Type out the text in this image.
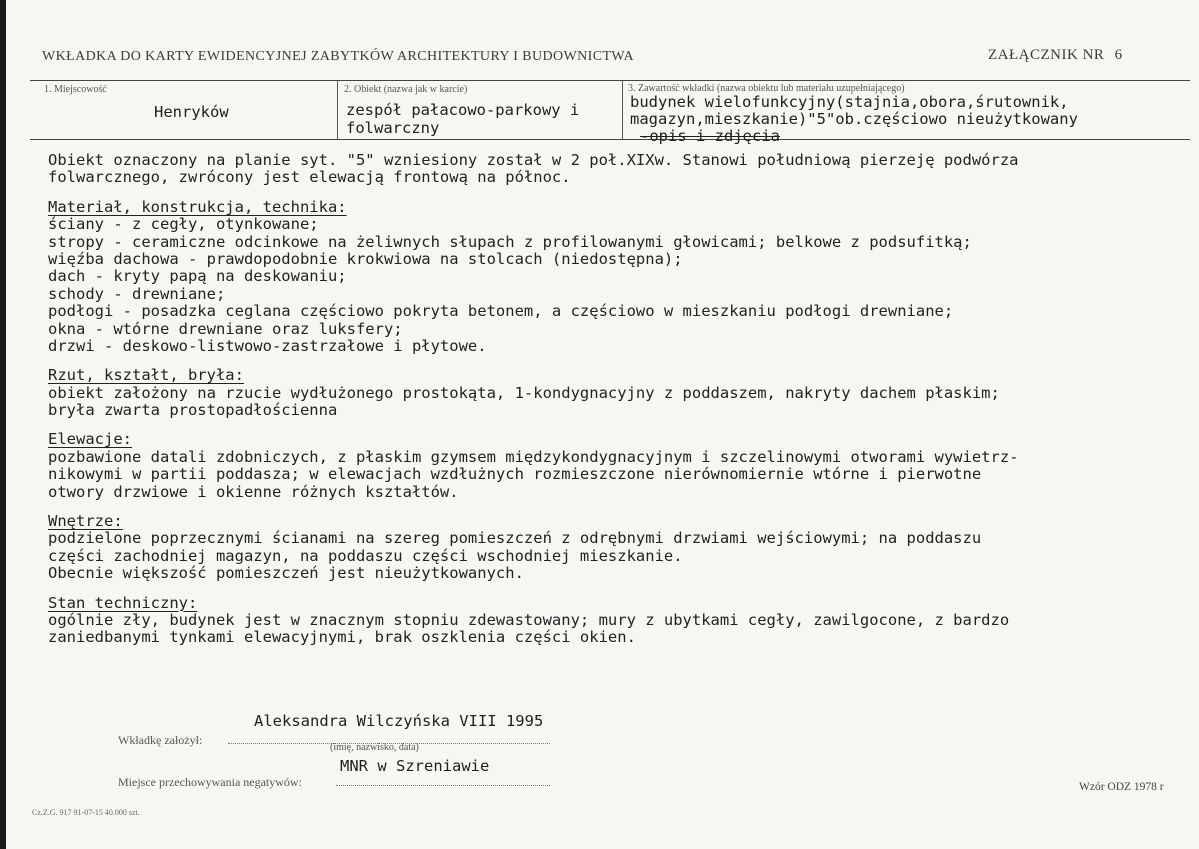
WKŁADKA DO KARTY EWIDENCYJNEJ ZABYTKÓW ARCHITEKTURY I BUDOWNICTWA	ZAŁĄCZNIK NR 6
1. Miejscowość
Henryków
2. Obiekt (nazwa jak w karcie)
zespół pałacowo-parkowy i
folwarczny
3. Zawartość wkładki (nazwa obiektu lub materiału uzupełniającego)
budynek wielofunkcyjny(stajnia,obora,śrutownik,
magazyn,mieszkanie)"5"ob.częściowo nieużytkowany
-opis i zdjęcia
Obiekt oznaczony na planie syt. "5" wzniesiony został w 2 poł.XIXw. Stanowi południową pierzeję podwórza
folwarcznego, zwrócony jest elewacją frontową na północ.
Materiał, konstrukcja, technika:
ściany - z cegły, otynkowane;
stropy - ceramiczne odcinkowe na żeliwnych słupach z profilowanymi głowicami; belkowe z podsufitką;
więźba dachowa - prawdopodobnie krokwiowa na stolcach (niedostępna);
dach - kryty papą na deskowaniu;
schody - drewniane;
podłogi - posadzka ceglana częściowo pokryta betonem, a częściowo w mieszkaniu podłogi drewniane;
okna - wtórne drewniane oraz luksfery;
drzwi - deskowo-listwowo-zastrzałowe i płytowe.
Rzut, kształt, bryła:
obiekt założony na rzucie wydłużonego prostokąta, 1-kondygnacyjny z poddaszem, nakryty dachem płaskim;
bryła zwarta prostopadłościenna
Elewacje:
pozbawione datali zdobniczych, z płaskim gzymsem międzykondygnacyjnym i szczelinowymi otworami wywietrz-
nikowymi w partii poddasza; w elewacjach wzdłużnych rozmieszczone nierównomiernie wtórne i pierwotne
otwory drzwiowe i okienne różnych kształtów.
Wnętrze:
podzielone poprzecznymi ścianami na szereg pomieszczeń z odrębnymi drzwiami wejściowymi; na poddaszu
części zachodniej magazyn, na poddaszu części wschodniej mieszkanie.
Obecnie większość pomieszczeń jest nieużytkowanych.
Stan techniczny:
ogólnie zły, budynek jest w znacznym stopniu zdewastowany; mury z ubytkami cegły, zawilgocone, z bardzo
zaniedbanymi tynkami elewacyjnymi, brak oszklenia części okien.
Aleksandra Wilczyńska VIII 1995
Wkładkę założył:
(imię, nazwisko, data)
MNR w Szreniawie
Miejsce przechowywania negatywów:	Wzór ODZ 1978 r
Cz.Z.G. 917 91-07-15 40.000 szt.
